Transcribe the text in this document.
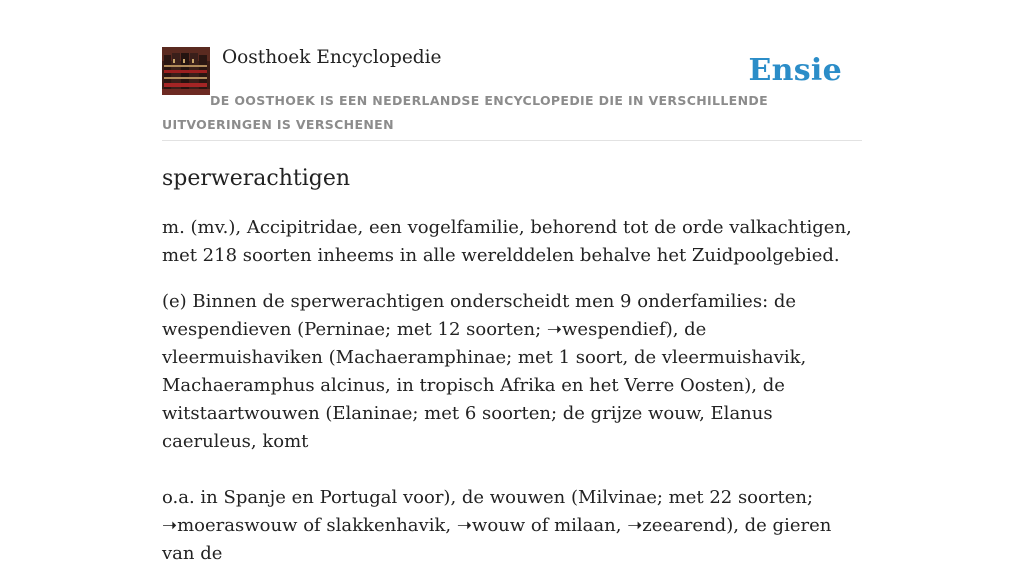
Oosthoek Encyclopedie	Ensie
DE OOSTHOEK IS EEN NEDERLANDSE ENCYCLOPEDIE DIE IN VERSCHILLENDE UITVOERINGEN IS VERSCHENEN
sperwerachtigen

m. (mv.), Accipitridae, een vogelfamilie, behorend tot de orde valkachtigen, met 218 soorten inheems in alle werelddelen behalve het Zuidpoolgebied.

(e) Binnen de sperwerachtigen onderscheidt men 9 onderfamilies: de wespendieven (Perninae; met 12 soorten; ➝wespendief), de vleermuishaviken (Machaeramphinae; met 1 soort, de vleermuishavik, Machaeramphus alcinus, in tropisch Afrika en het Verre Oosten), de witstaartwouwen (Elaninae; met 6 soorten; de grijze wouw, Elanus caeruleus, komt

o.a. in Spanje en Portugal voor), de wouwen (Milvinae; met 22 soorten; ➝moeraswouw of slakkenhavik, ➝wouw of milaan, ➝zeearend), de gieren van de
